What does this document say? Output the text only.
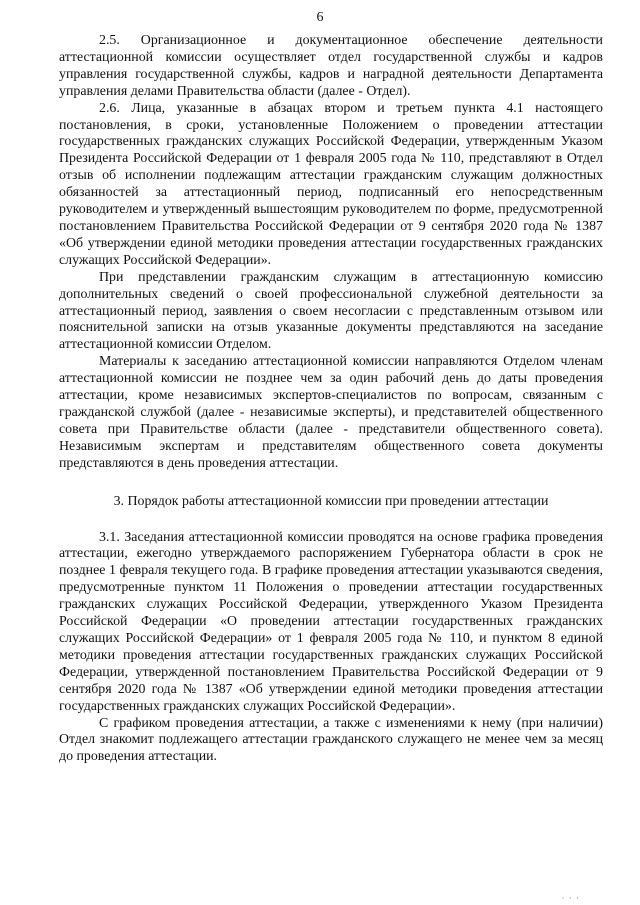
6

2.5. Организационное и документационное обеспечение деятельности аттестационной комиссии осуществляет отдел государственной службы и кадров управления государственной службы, кадров и наградной деятельности Департамента управления делами Правительства области (далее - Отдел).

2.6. Лица, указанные в абзацах втором и третьем пункта 4.1 настоящего постановления, в сроки, установленные Положением о проведении аттестации государственных гражданских служащих Российской Федерации, утвержденным Указом Президента Российской Федерации от 1 февраля 2005 года № 110, представляют в Отдел отзыв об исполнении подлежащим аттестации гражданским служащим должностных обязанностей за аттестационный период, подписанный его непосредственным руководителем и утвержденный вышестоящим руководителем по форме, предусмотренной постановлением Правительства Российской Федерации от 9 сентября 2020 года № 1387 «Об утверждении единой методики проведения аттестации государственных гражданских служащих Российской Федерации».

При представлении гражданским служащим в аттестационную комиссию дополнительных сведений о своей профессиональной служебной деятельности за аттестационный период, заявления о своем несогласии с представленным отзывом или пояснительной записки на отзыв указанные документы представляются на заседание аттестационной комиссии Отделом.

Материалы к заседанию аттестационной комиссии направляются Отделом членам аттестационной комиссии не позднее чем за один рабочий день до даты проведения аттестации, кроме независимых экспертов-специалистов по вопросам, связанным с гражданской службой (далее - независимые эксперты), и представителей общественного совета при Правительстве области (далее - представители общественного совета). Независимым экспертам и представителям общественного совета документы представляются в день проведения аттестации.

3. Порядок работы аттестационной комиссии при проведении аттестации

3.1. Заседания аттестационной комиссии проводятся на основе графика проведения аттестации, ежегодно утверждаемого распоряжением Губернатора области в срок не позднее 1 февраля текущего года. В графике проведения аттестации указываются сведения, предусмотренные пунктом 11 Положения о проведении аттестации государственных гражданских служащих Российской Федерации, утвержденного Указом Президента Российской Федерации «О проведении аттестации государственных гражданских служащих Российской Федерации» от 1 февраля 2005 года № 110, и пунктом 8 единой методики проведения аттестации государственных гражданских служащих Российской Федерации, утвержденной постановлением Правительства Российской Федерации от 9 сентября 2020 года № 1387 «Об утверждении единой методики проведения аттестации государственных гражданских служащих Российской Федерации».

С графиком проведения аттестации, а также с изменениями к нему (при наличии) Отдел знакомит подлежащего аттестации гражданского служащего не менее чем за месяц до проведения аттестации.

· · ·
